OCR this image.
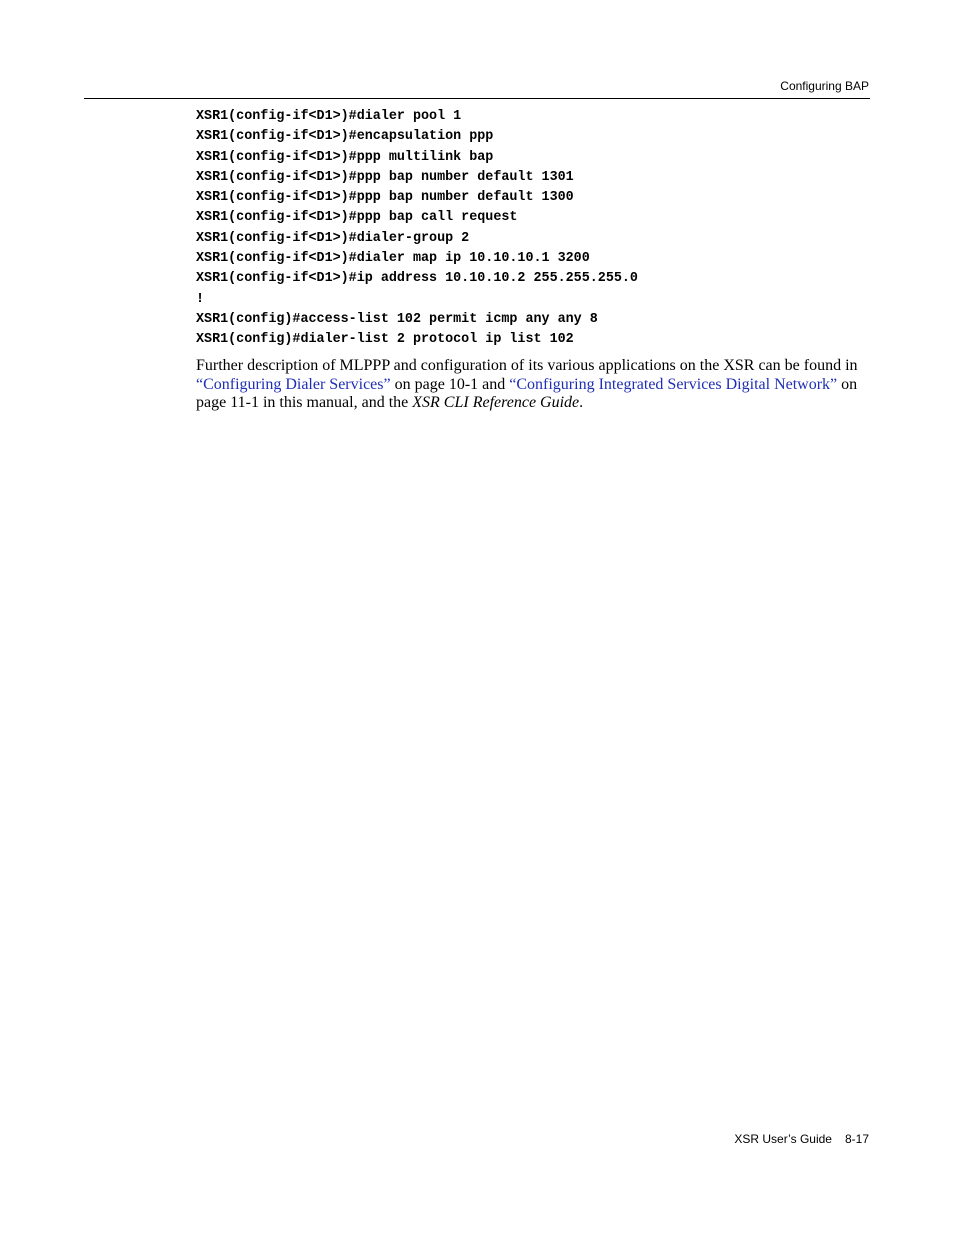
Configuring BAP
XSR1(config-if<D1>)#dialer pool 1
XSR1(config-if<D1>)#encapsulation ppp
XSR1(config-if<D1>)#ppp multilink bap
XSR1(config-if<D1>)#ppp bap number default 1301
XSR1(config-if<D1>)#ppp bap number default 1300
XSR1(config-if<D1>)#ppp bap call request
XSR1(config-if<D1>)#dialer-group 2
XSR1(config-if<D1>)#dialer map ip 10.10.10.1 3200
XSR1(config-if<D1>)#ip address 10.10.10.2 255.255.255.0
!
XSR1(config)#access-list 102 permit icmp any any 8
XSR1(config)#dialer-list 2 protocol ip list 102

Further description of MLPPP and configuration of its various applications on the XSR can be found in “Configuring Dialer Services” on page 10-1 and “Configuring Integrated Services Digital Network” on page 11-1 in this manual, and the XSR CLI Reference Guide.

XSR User’s Guide 8-17
